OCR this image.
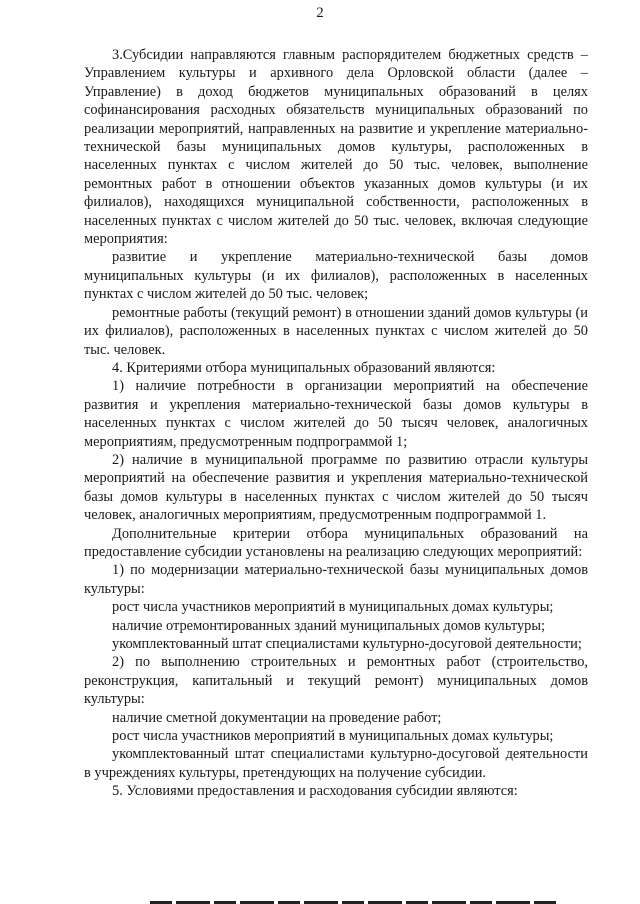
2

3.Субсидии направляются главным распорядителем бюджетных средств – Управлением культуры и архивного дела Орловской области (далее – Управление) в доход бюджетов муниципальных образований в целях софинансирования расходных обязательств муниципальных образований по реализации мероприятий, направленных на развитие и укрепление материально-технической базы муниципальных домов культуры, расположенных в населенных пунктах с числом жителей до 50 тыс. человек, выполнение ремонтных работ в отношении объектов указанных домов культуры (и их филиалов), находящихся муниципальной собственности, расположенных в населенных пунктах с числом жителей до 50 тыс. человек, включая следующие мероприятия:

развитие и укрепление материально-технической базы домов муниципальных культуры (и их филиалов), расположенных в населенных пунктах с числом жителей до 50 тыс. человек;

ремонтные работы (текущий ремонт) в отношении зданий домов культуры (и их филиалов), расположенных в населенных пунктах с числом жителей до 50 тыс. человек.

4. Критериями отбора муниципальных образований являются:

1) наличие потребности в организации мероприятий на обеспечение развития и укрепления материально-технической базы домов культуры в населенных пунктах с числом жителей до 50 тысяч человек, аналогичных мероприятиям, предусмотренным подпрограммой 1;

2) наличие в муниципальной программе по развитию отрасли культуры мероприятий на обеспечение развития и укрепления материально-технической базы домов культуры в населенных пунктах с числом жителей до 50 тысяч человек, аналогичных мероприятиям, предусмотренным подпрограммой 1.

Дополнительные критерии отбора муниципальных образований на предоставление субсидии установлены на реализацию следующих мероприятий:

1) по модернизации материально-технической базы муниципальных домов культуры:

рост числа участников мероприятий в муниципальных домах культуры;

наличие отремонтированных зданий муниципальных домов культуры;

укомплектованный штат специалистами культурно-досуговой деятельности;

2) по выполнению строительных и ремонтных работ (строительство, реконструкция, капитальный и текущий ремонт) муниципальных домов культуры:

наличие сметной документации на проведение работ;

рост числа участников мероприятий в муниципальных домах культуры;

укомплектованный штат специалистами культурно-досуговой деятельности в учреждениях культуры, претендующих на получение субсидии.

5. Условиями предоставления и расходования субсидии являются:
